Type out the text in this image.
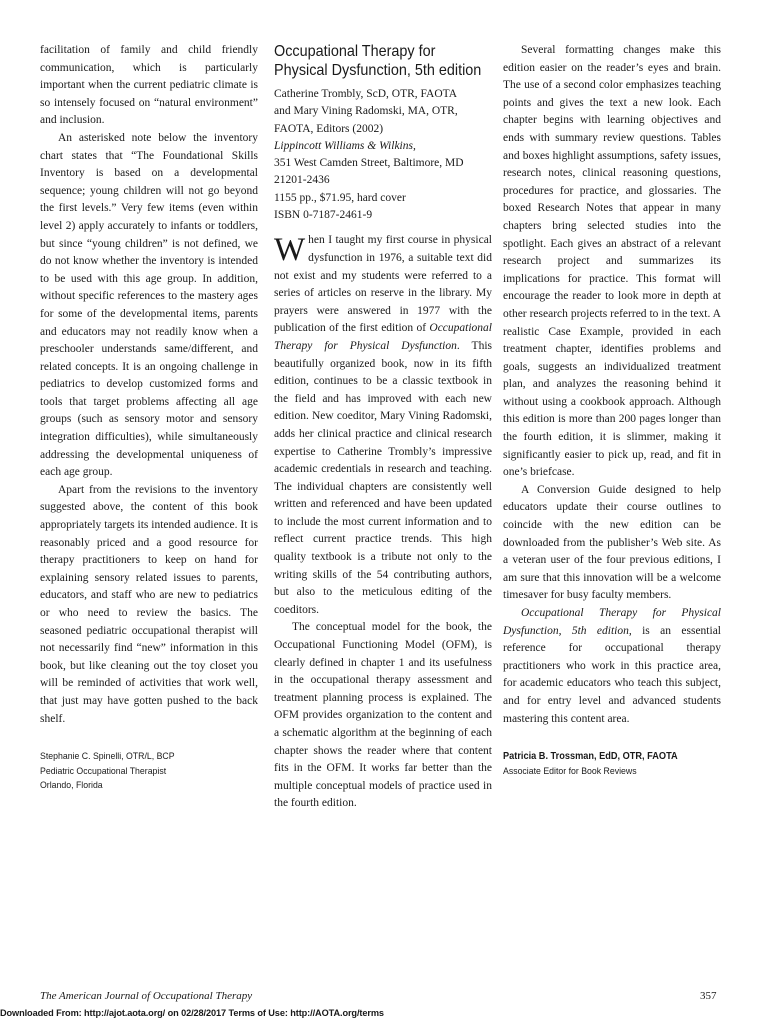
facilitation of family and child friendly communication, which is particularly important when the current pediatric climate is so intensely focused on “natural environment” and inclusion.

An asterisked note below the inventory chart states that “The Foundational Skills Inventory is based on a developmental sequence; young children will not go beyond the first levels.” Very few items (even within level 2) apply accurately to infants or toddlers, but since “young children” is not defined, we do not know whether the inventory is intended to be used with this age group. In addition, without specific references to the mastery ages for some of the developmental items, parents and educators may not readily know when a preschooler understands same/different, and related concepts. It is an ongoing challenge in pediatrics to develop customized forms and tools that target problems affecting all age groups (such as sensory motor and sensory integration difficulties), while simultaneously addressing the developmental uniqueness of each age group.

Apart from the revisions to the inventory suggested above, the content of this book appropriately targets its intended audience. It is reasonably priced and a good resource for therapy practitioners to keep on hand for explaining sensory related issues to parents, educators, and staff who are new to pediatrics or who need to review the basics. The seasoned pediatric occupational therapist will not necessarily find “new” information in this book, but like cleaning out the toy closet you will be reminded of activities that work well, that just may have gotten pushed to the back shelf.

Stephanie C. Spinelli, OTR/L, BCP
Pediatric Occupational Therapist
Orlando, Florida
Occupational Therapy for
Physical Dysfunction, 5th edition

Catherine Trombly, ScD, OTR, FAOTA

and Mary Vining Radomski, MA, OTR,

FAOTA, Editors (2002)

Lippincott Williams & Wilkins,

351 West Camden Street, Baltimore, MD

21201-2436

1155 pp., $71.95, hard cover

ISBN 0-7187-2461-9

When I taught my first course in physical dysfunction in 1976, a suitable text did not exist and my students were referred to a series of articles on reserve in the library. My prayers were answered in 1977 with the publication of the first edition of Occupational Therapy for Physical Dysfunction. This beautifully organized book, now in its fifth edition, continues to be a classic textbook in the field and has improved with each new edition. New coeditor, Mary Vining Radomski, adds her clinical practice and clinical research expertise to Catherine Trombly’s impressive academic credentials in research and teaching. The individual chapters are consistently well written and referenced and have been updated to include the most current information and to reflect current practice trends. This high quality textbook is a tribute not only to the writing skills of the 54 contributing authors, but also to the meticulous editing of the coeditors.

The conceptual model for the book, the Occupational Functioning Model (OFM), is clearly defined in chapter 1 and its usefulness in the occupational therapy assessment and treatment planning process is explained. The OFM provides organization to the content and a schematic algorithm at the beginning of each chapter shows the reader where that content fits in the OFM. It works far better than the multiple conceptual models of practice used in the fourth edition.

Several formatting changes make this edition easier on the reader’s eyes and brain. The use of a second color emphasizes teaching points and gives the text a new look. Each chapter begins with learning objectives and ends with summary review questions. Tables and boxes highlight assumptions, safety issues, research notes, clinical reasoning questions, procedures for practice, and glossaries. The boxed Research Notes that appear in many chapters bring selected studies into the spotlight. Each gives an abstract of a relevant research project and summarizes its implications for practice. This format will encourage the reader to look more in depth at other research projects referred to in the text. A realistic Case Example, provided in each treatment chapter, identifies problems and goals, suggests an individualized treatment plan, and analyzes the reasoning behind it without using a cookbook approach. Although this edition is more than 200 pages longer than the fourth edition, it is slimmer, making it significantly easier to pick up, read, and fit in one’s briefcase.

A Conversion Guide designed to help educators update their course outlines to coincide with the new edition can be downloaded from the publisher’s Web site. As a veteran user of the four previous editions, I am sure that this innovation will be a welcome timesaver for busy faculty members.

Occupational Therapy for Physical Dysfunction, 5th edition, is an essential reference for occupational therapy practitioners who work in this practice area, for academic educators who teach this subject, and for entry level and advanced students mastering this content area.

Patricia B. Trossman, EdD, OTR, FAOTA
Associate Editor for Book Reviews
The American Journal of Occupational Therapy	357
Downloaded From: http://ajot.aota.org/ on 02/28/2017 Terms of Use: http://AOTA.org/terms
